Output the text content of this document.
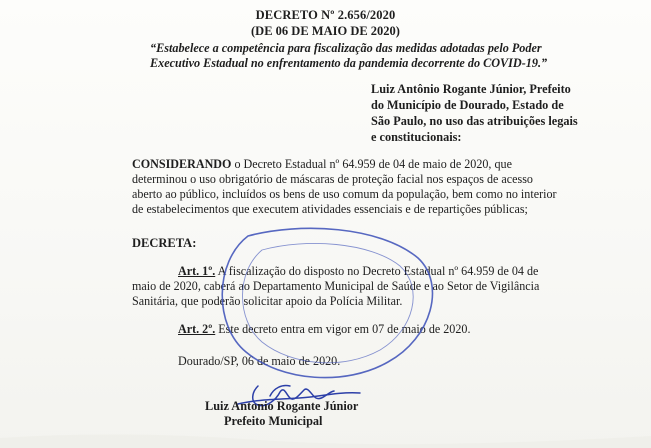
DECRETO Nº 2.656/2020
(DE 06 DE MAIO DE 2020)
“Estabelece a competência para fiscalização das medidas adotadas pelo Poder
Executivo Estadual no enfrentamento da pandemia decorrente do COVID-19.”
Luiz Antônio Rogante Júnior, Prefeito
do Município de Dourado, Estado de
São Paulo, no uso das atribuições legais
e constitucionais:
CONSIDERANDO o Decreto Estadual nº 64.959 de 04 de maio de 2020, que
determinou o uso obrigatório de máscaras de proteção facial nos espaços de acesso
aberto ao público, incluídos os bens de uso comum da população, bem como no interior
de estabelecimentos que executem atividades essenciais e de repartições públicas;
DECRETA:
Art. 1º. A fiscalização do disposto no Decreto Estadual nº 64.959 de 04 de
maio de 2020, caberá ao Departamento Municipal de Saúde e ao Setor de Vigilância
Sanitária, que poderão solicitar apoio da Polícia Militar.
Art. 2º. Este decreto entra em vigor em 07 de maio de 2020.
Dourado/SP, 06 de maio de 2020.
Luiz Antonio Rogante Júnior
Prefeito Municipal
